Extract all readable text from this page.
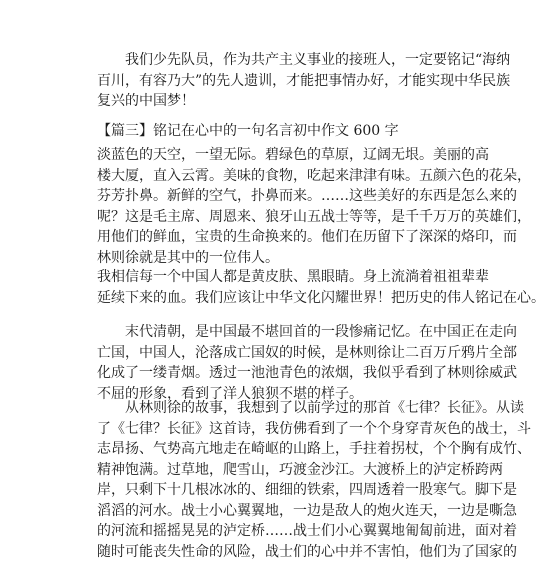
　　我们少先队员，作为共产主义事业的接班人，一定要铭记“海纳
百川，有容乃大”的先人遗训，才能把事情办好，才能实现中华民族
复兴的中国梦！
【篇三】铭记在心中的一句名言初中作文 600 字
淡蓝色的天空，一望无际。碧绿色的草原，辽阔无垠。美丽的高
楼大厦，直入云霄。美味的食物，吃起来津津有味。五颜六色的花朵，
芬芳扑鼻。新鲜的空气，扑鼻而来。……这些美好的东西是怎么来的
呢？这是毛主席、周恩来、狼牙山五战士等等，是千千万万的英雄们，
用他们的鲜血，宝贵的生命换来的。他们在历留下了深深的烙印，而
林则徐就是其中的一位伟人。
我相信每一个中国人都是黄皮肤、黑眼睛。身上流淌着祖祖辈辈
延续下来的血。我们应该让中华文化闪耀世界！把历史的伟人铭记在心。
　　末代清朝，是中国最不堪回首的一段惨痛记忆。在中国正在走向
亡国，中国人，沦落成亡国奴的时候，是林则徐让二百万斤鸦片全部
化成了一缕青烟。透过一池池青色的浓烟，我似乎看到了林则徐威武
不屈的形象，看到了洋人狼狈不堪的样子。
　　从林则徐的故事，我想到了以前学过的那首《七律？长征》。从读
了《七律？长征》这首诗，我仿佛看到了一个个身穿青灰色的战士，斗
志昂扬、气势高亢地走在崎岖的山路上，手拄着拐杖，个个胸有成竹、
精神饱满。过草地，爬雪山，巧渡金沙江。大渡桥上的泸定桥跨两
岸，只剩下十几根冰冰的、细细的铁索，四周透着一股寒气。脚下是
滔滔的河水。战士小心翼翼地，一边是敌人的炮火连天，一边是嘶急
的河流和摇摇晃晃的泸定桥……战士们小心翼翼地匍匐前进，面对着
随时可能丧失性命的风险，战士们的心中并不害怕，他们为了国家的
